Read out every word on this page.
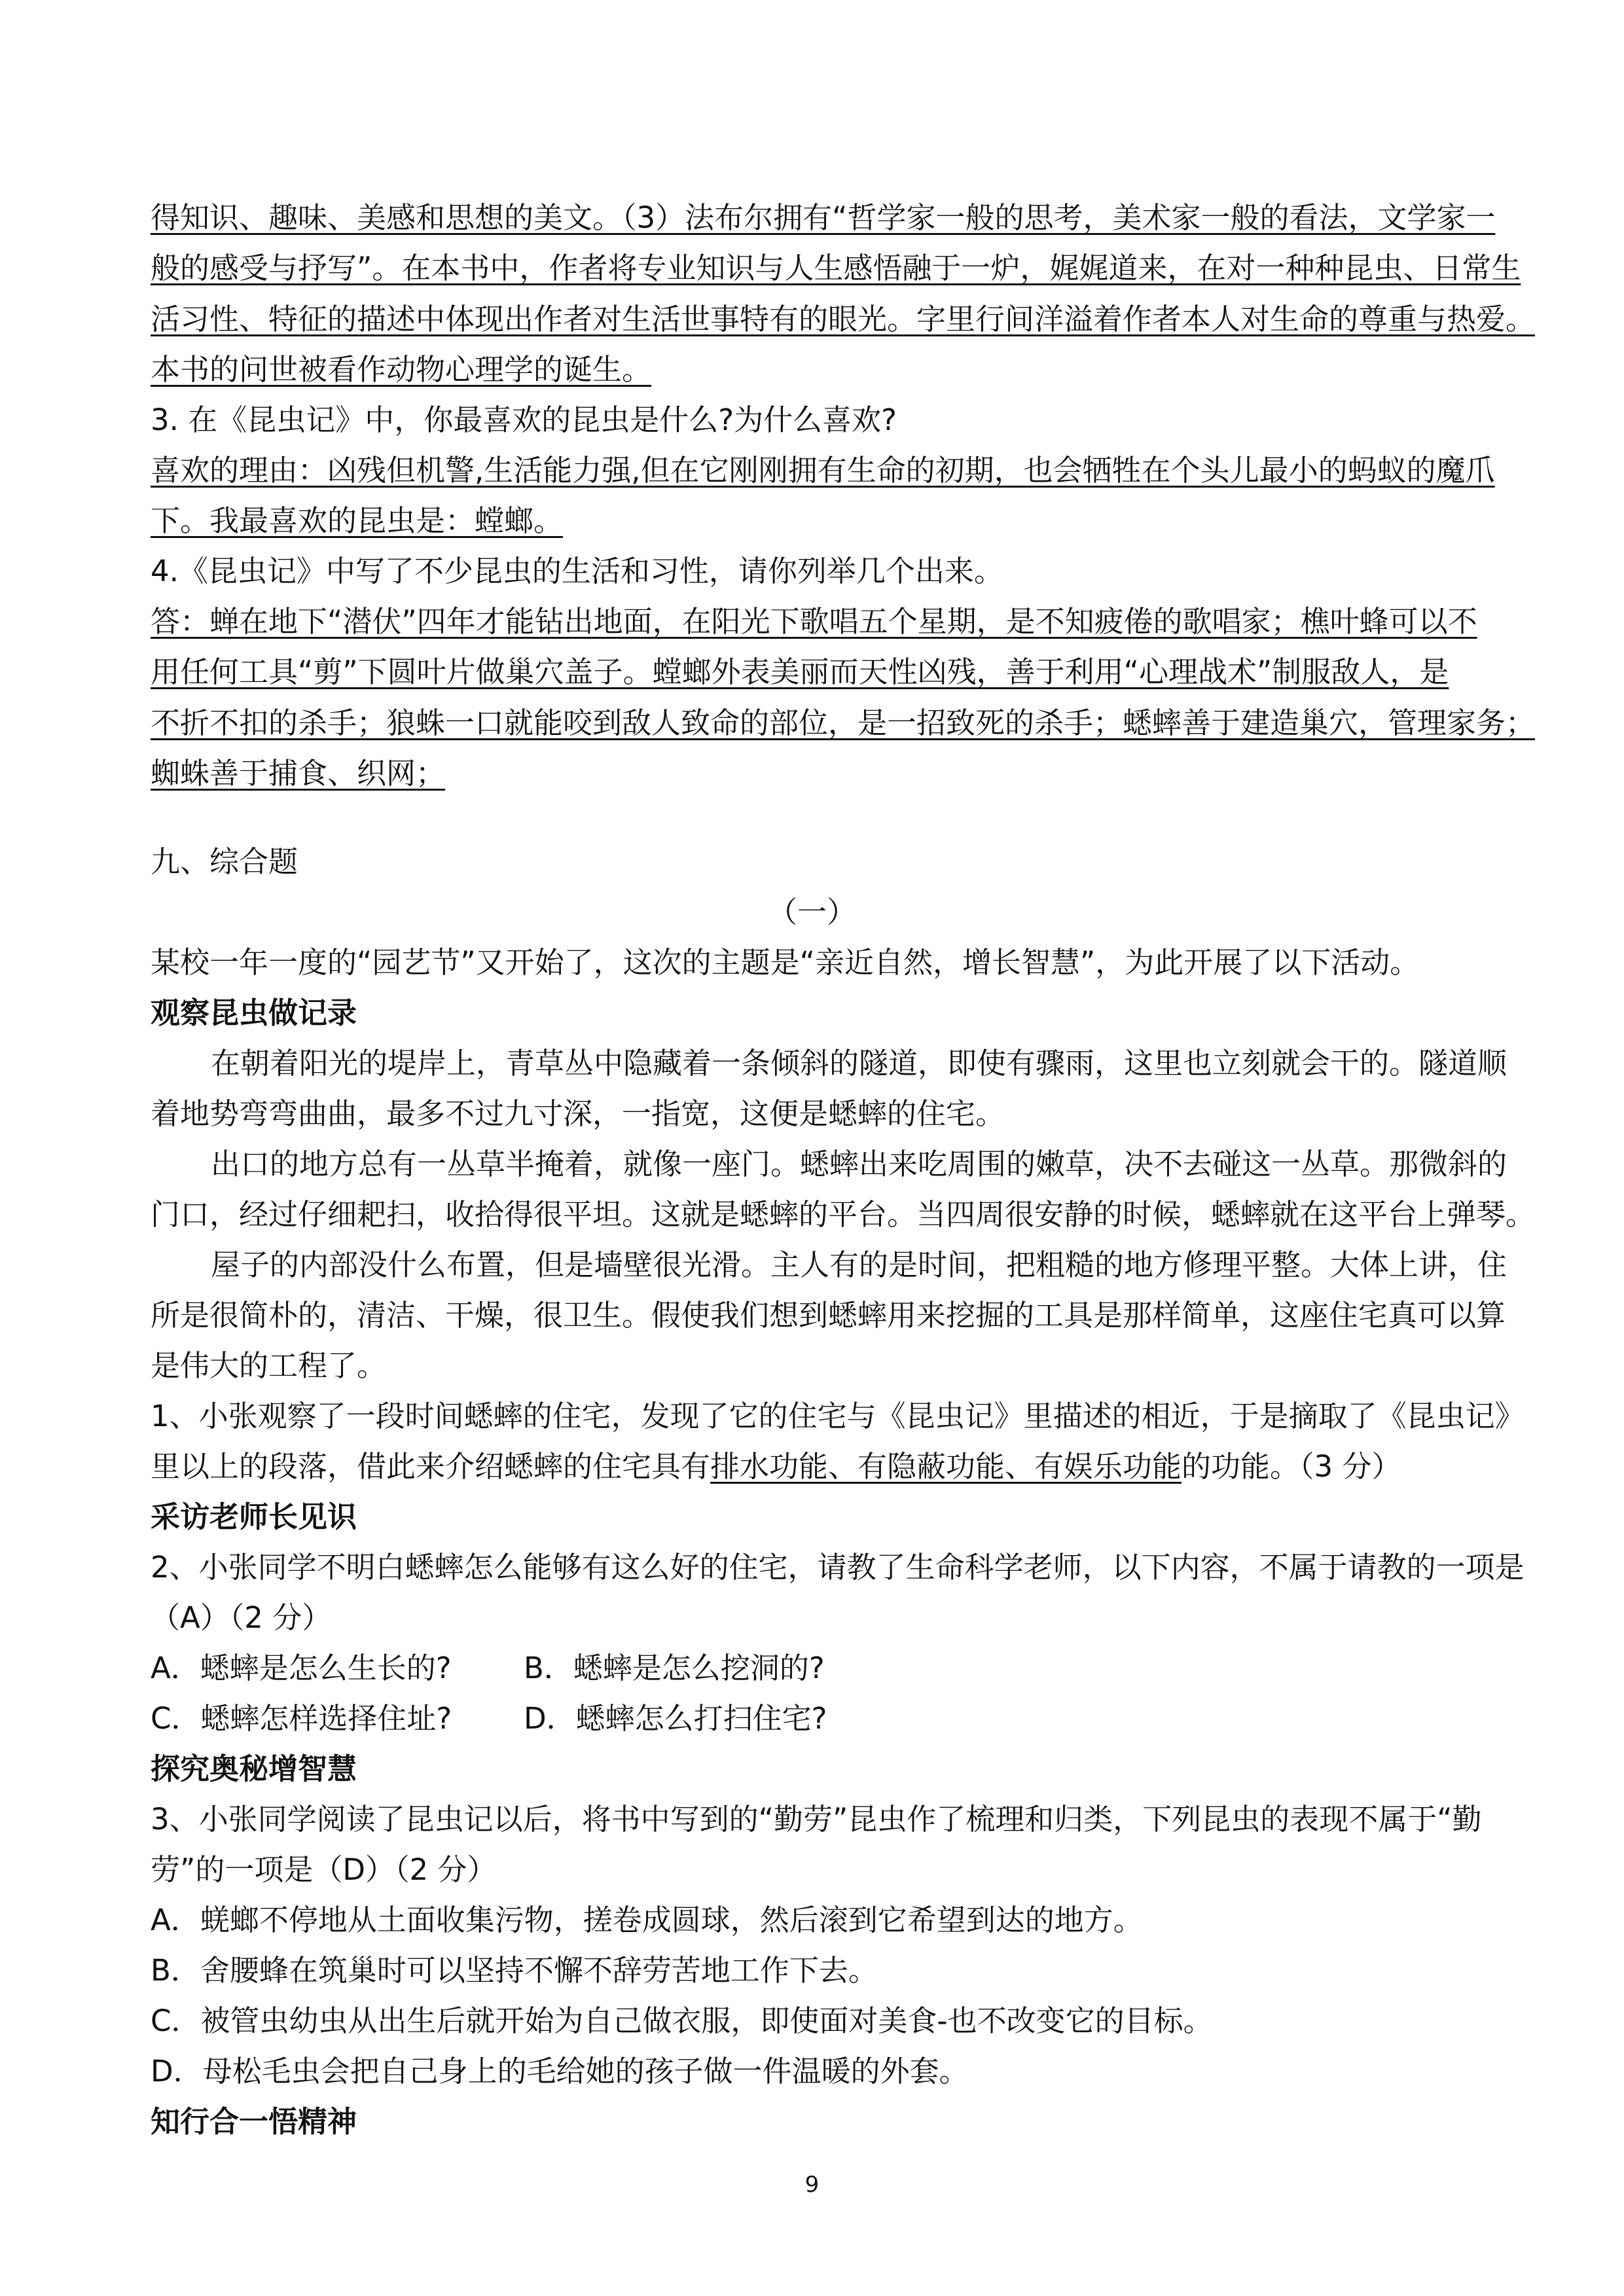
得知识、趣味、美感和思想的美文。（3）法布尔拥有“哲学家一般的思考，美术家一般的看法，文学家一
般的感受与抒写”。在本书中，作者将专业知识与人生感悟融于一炉，娓娓道来，在对一种种昆虫、日常生
活习性、特征的描述中体现出作者对生活世事特有的眼光。字里行间洋溢着作者本人对生命的尊重与热爱。
本书的问世被看作动物心理学的诞生。
3. 在《昆虫记》中，你最喜欢的昆虫是什么?为什么喜欢?
喜欢的理由：凶残但机警,生活能力强,但在它刚刚拥有生命的初期，也会牺牲在个头儿最小的蚂蚁的魔爪
下。我最喜欢的昆虫是：螳螂。
4.《昆虫记》中写了不少昆虫的生活和习性，请你列举几个出来。
答：蝉在地下“潜伏”四年才能钻出地面，在阳光下歌唱五个星期，是不知疲倦的歌唱家；樵叶蜂可以不
用任何工具“剪”下圆叶片做巢穴盖子。螳螂外表美丽而天性凶残，善于利用“心理战术”制服敌人，是
不折不扣的杀手；狼蛛一口就能咬到敌人致命的部位，是一招致死的杀手；蟋蟀善于建造巢穴，管理家务；
蜘蛛善于捕食、织网；
九、综合题
（一）
某校一年一度的“园艺节”又开始了，这次的主题是“亲近自然，增长智慧”，为此开展了以下活动。
观察昆虫做记录
在朝着阳光的堤岸上，青草丛中隐藏着一条倾斜的隧道，即使有骤雨，这里也立刻就会干的。隧道顺
着地势弯弯曲曲，最多不过九寸深，一指宽，这便是蟋蟀的住宅。
出口的地方总有一丛草半掩着，就像一座门。蟋蟀出来吃周围的嫩草，决不去碰这一丛草。那微斜的
门口，经过仔细耙扫，收拾得很平坦。这就是蟋蟀的平台。当四周很安静的时候，蟋蟀就在这平台上弹琴。
屋子的内部没什么布置，但是墙壁很光滑。主人有的是时间，把粗糙的地方修理平整。大体上讲，住
所是很简朴的，清洁、干燥，很卫生。假使我们想到蟋蟀用来挖掘的工具是那样简单，这座住宅真可以算
是伟大的工程了。
1、小张观察了一段时间蟋蟀的住宅，发现了它的住宅与《昆虫记》里描述的相近，于是摘取了《昆虫记》
里以上的段落，借此来介绍蟋蟀的住宅具有排水功能、有隐蔽功能、有娱乐功能的功能。（3 分）
采访老师长见识
2、小张同学不明白蟋蟀怎么能够有这么好的住宅，请教了生命科学老师，以下内容，不属于请教的一项是
（A）（2 分）
A．蟋蟀是怎么生长的?	B．蟋蟀是怎么挖洞的?
C．蟋蟀怎样选择住址?	D．蟋蟀怎么打扫住宅?
探究奥秘增智慧
3、小张同学阅读了昆虫记以后，将书中写到的“勤劳”昆虫作了梳理和归类，下列昆虫的表现不属于“勤
劳”的一项是（D）（2 分）
A．蜣螂不停地从土面收集污物，搓卷成圆球，然后滚到它希望到达的地方。
B．舍腰蜂在筑巢时可以坚持不懈不辞劳苦地工作下去。
C．被管虫幼虫从出生后就开始为自己做衣服，即使面对美食-也不改变它的目标。
D．母松毛虫会把自己身上的毛给她的孩子做一件温暖的外套。
知行合一悟精神
9
